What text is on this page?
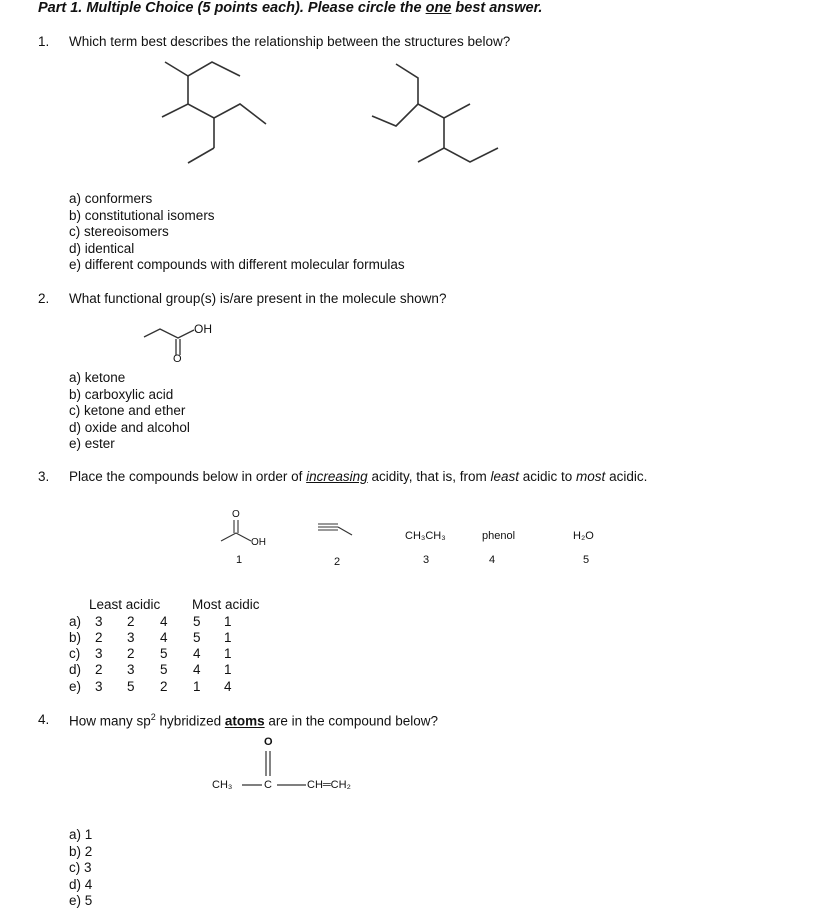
Part 1. Multiple Choice (5 points each). Please circle the one best answer.
1. Which term best describes the relationship between the structures below?
a) conformers
b) constitutional isomers
c) stereoisomers
d) identical
e) different compounds with different molecular formulas
2. What functional group(s) is/are present in the molecule shown?
OH
O
a) ketone
b) carboxylic acid
c) ketone and ether
d) oxide and alcohol
e) ester
3. Place the compounds below in order of increasing acidity, that is, from least acidic to most acidic.
O
OH
1	2
CH₃CH₃
3
phenol
4
H₂O
5
Least acidic Most acidic
a) 3 2 4 5 1
b) 2 3 4 5 1
c) 3 2 5 4 1
d) 2 3 5 4 1
e) 3 5 2 1 4
4. How many $sp^2$ hybridized atoms are in the compound below?
O
CH₃	C	CH═CH₂
a) 1
b) 2
c) 3
d) 4
e) 5
